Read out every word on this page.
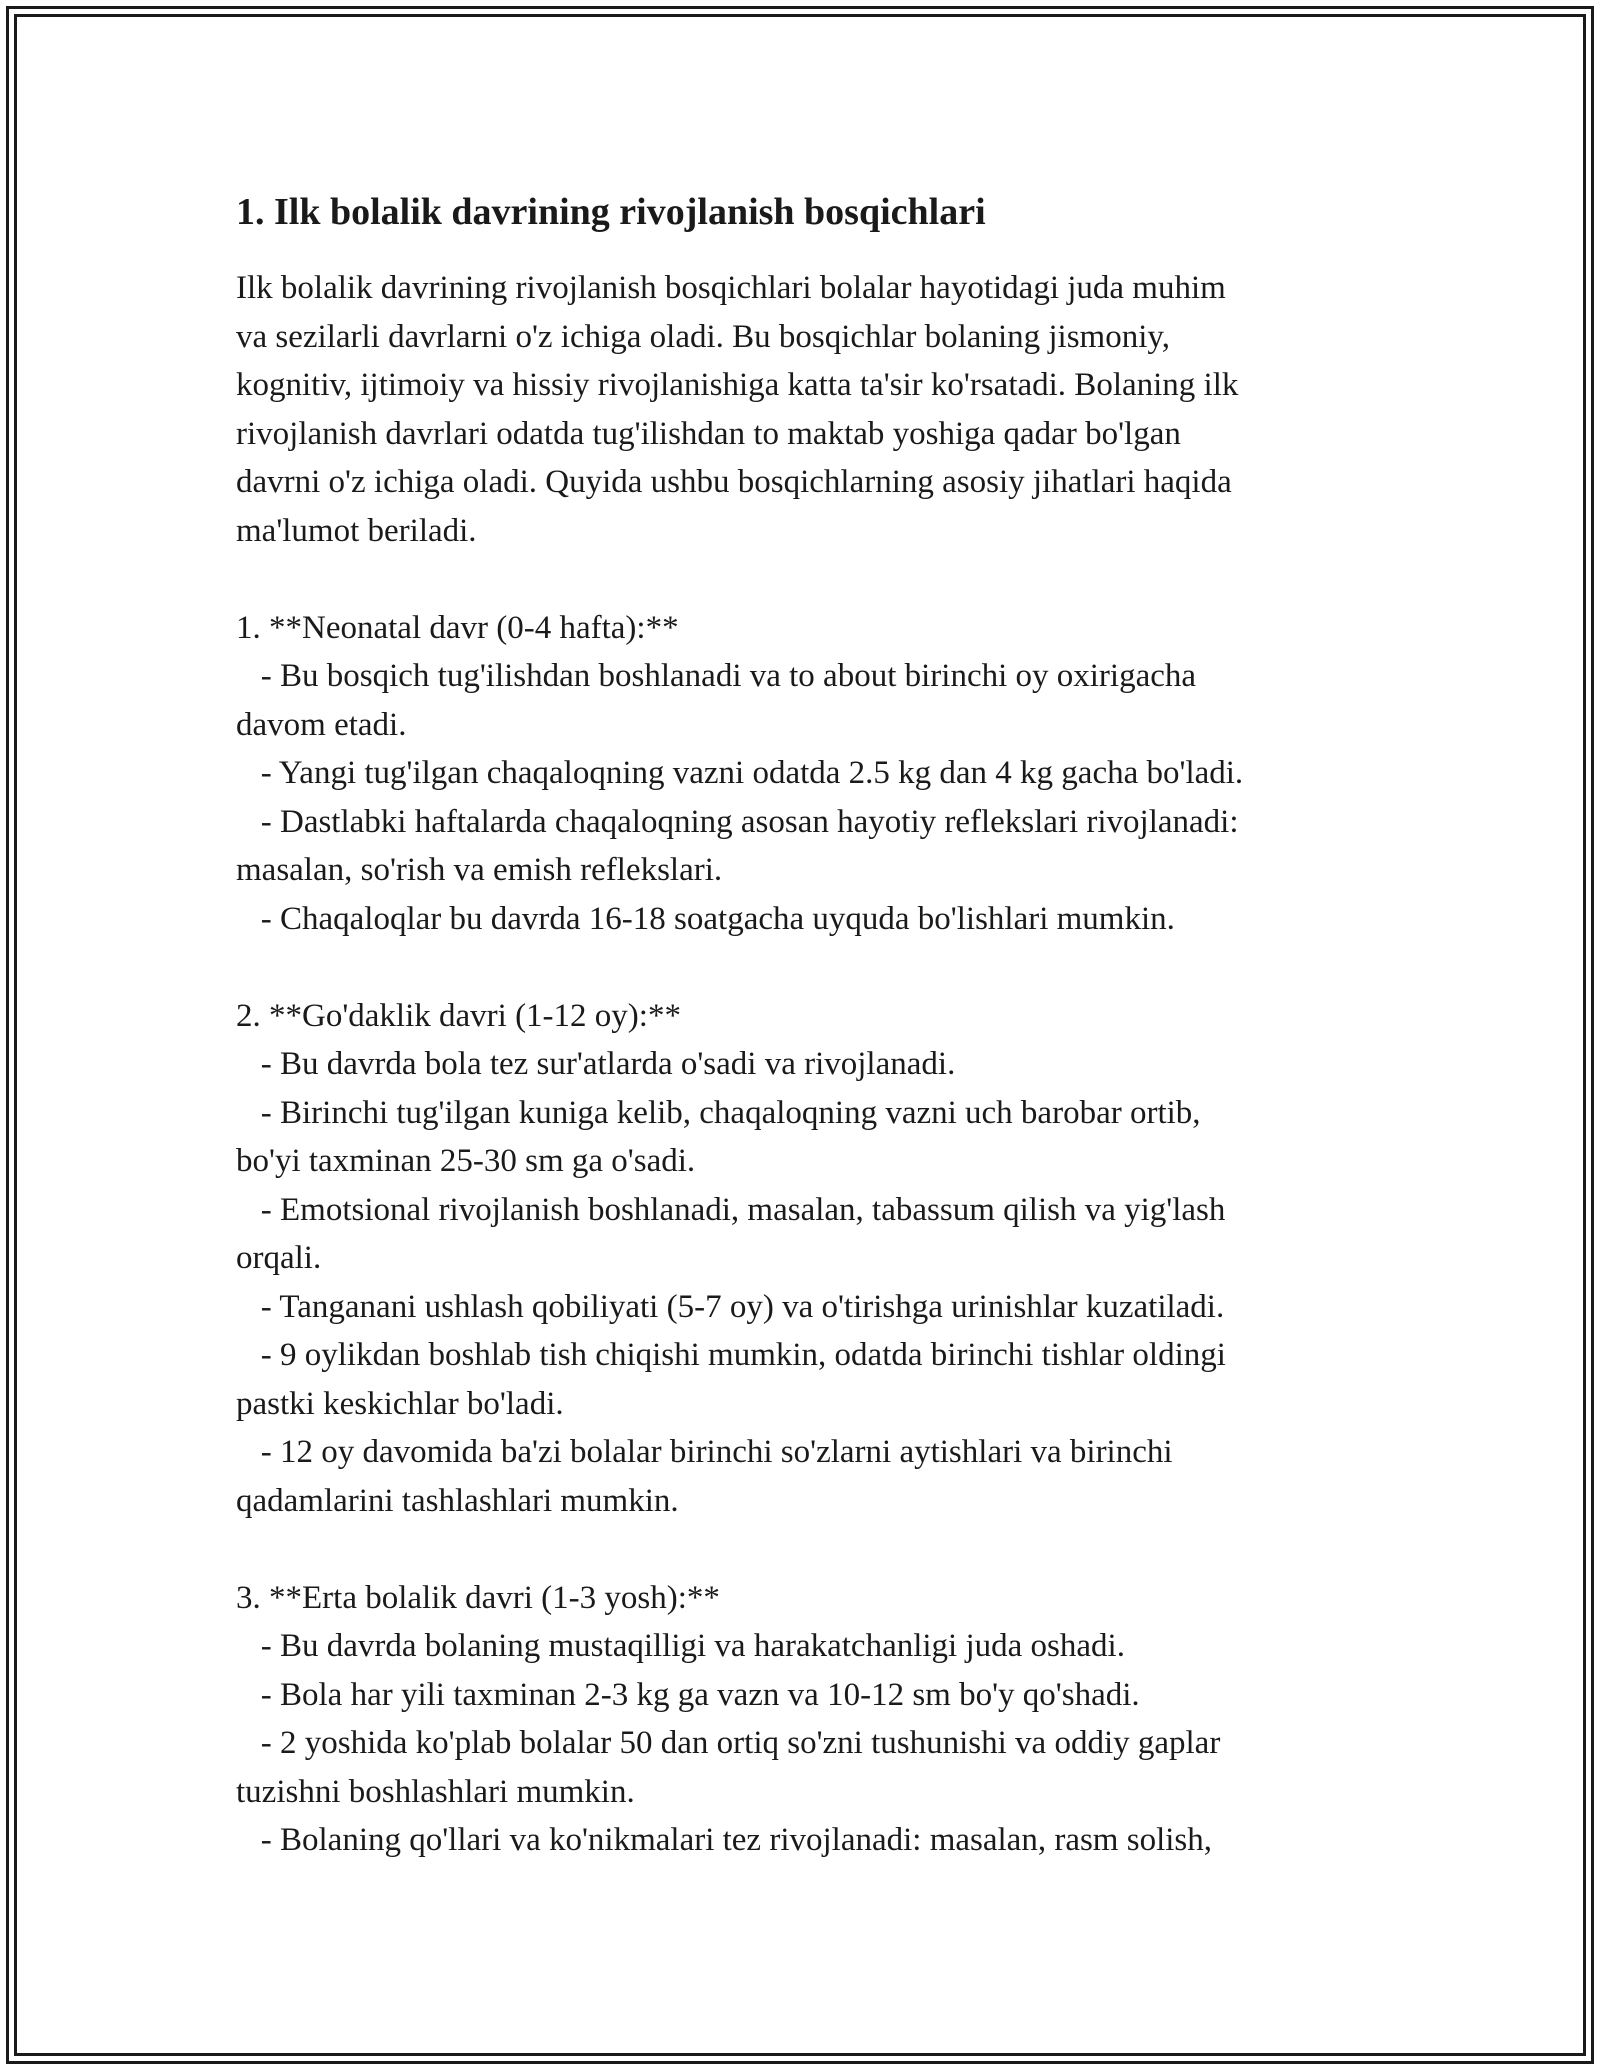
1. Ilk bolalik davrining rivojlanish bosqichlari

Ilk bolalik davrining rivojlanish bosqichlari bolalar hayotidagi juda muhim

va sezilarli davrlarni o'z ichiga oladi. Bu bosqichlar bolaning jismoniy,

kognitiv, ijtimoiy va hissiy rivojlanishiga katta ta'sir ko'rsatadi. Bolaning ilk

rivojlanish davrlari odatda tug'ilishdan to maktab yoshiga qadar bo'lgan

davrni o'z ichiga oladi. Quyida ushbu bosqichlarning asosiy jihatlari haqida

ma'lumot beriladi.

1. **Neonatal davr (0-4 hafta):**

- Bu bosqich tug'ilishdan boshlanadi va to about birinchi oy oxirigacha

davom etadi.

- Yangi tug'ilgan chaqaloqning vazni odatda 2.5 kg dan 4 kg gacha bo'ladi.

- Dastlabki haftalarda chaqaloqning asosan hayotiy reflekslari rivojlanadi:

masalan, so'rish va emish reflekslari.

- Chaqaloqlar bu davrda 16-18 soatgacha uyquda bo'lishlari mumkin.

2. **Go'daklik davri (1-12 oy):**

- Bu davrda bola tez sur'atlarda o'sadi va rivojlanadi.

- Birinchi tug'ilgan kuniga kelib, chaqaloqning vazni uch barobar ortib,

bo'yi taxminan 25-30 sm ga o'sadi.

- Emotsional rivojlanish boshlanadi, masalan, tabassum qilish va yig'lash

orqali.

- Tanganani ushlash qobiliyati (5-7 oy) va o'tirishga urinishlar kuzatiladi.

- 9 oylikdan boshlab tish chiqishi mumkin, odatda birinchi tishlar oldingi

pastki keskichlar bo'ladi.

- 12 oy davomida ba'zi bolalar birinchi so'zlarni aytishlari va birinchi

qadamlarini tashlashlari mumkin.

3. **Erta bolalik davri (1-3 yosh):**

- Bu davrda bolaning mustaqilligi va harakatchanligi juda oshadi.

- Bola har yili taxminan 2-3 kg ga vazn va 10-12 sm bo'y qo'shadi.

- 2 yoshida ko'plab bolalar 50 dan ortiq so'zni tushunishi va oddiy gaplar

tuzishni boshlashlari mumkin.

- Bolaning qo'llari va ko'nikmalari tez rivojlanadi: masalan, rasm solish,
